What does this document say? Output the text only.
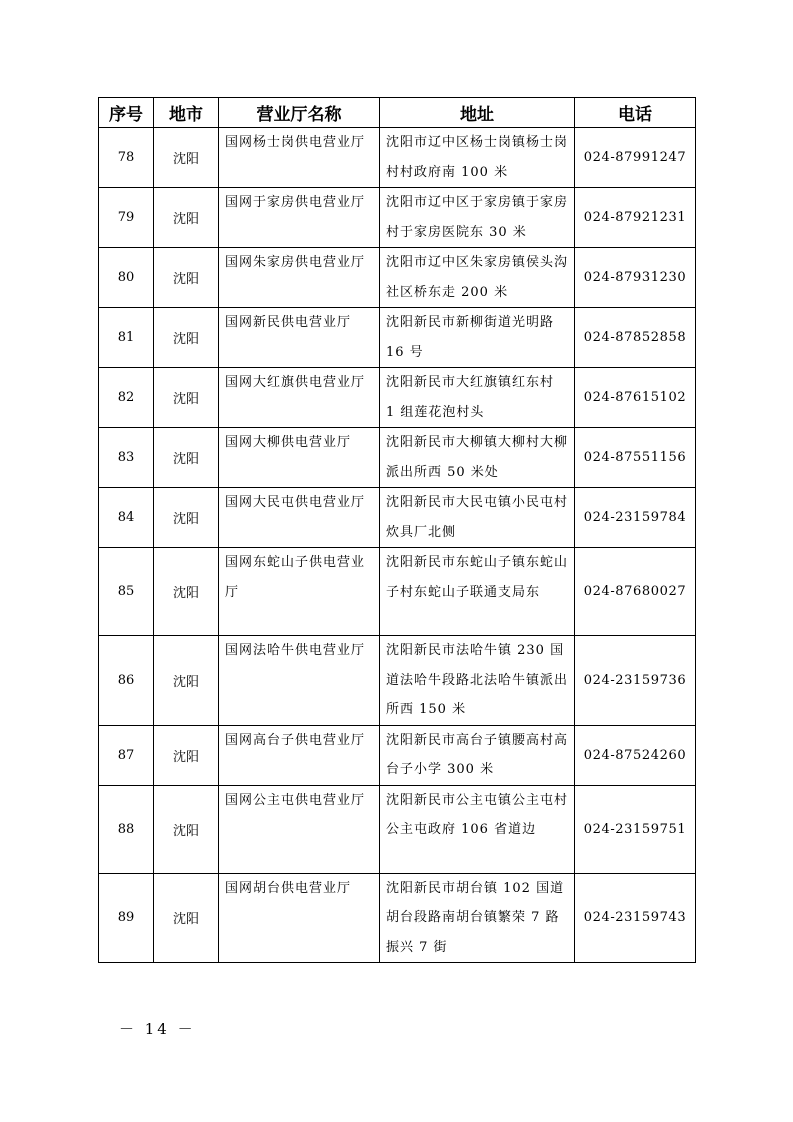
序号	地市	营业厅名称	地址	电话
78	沈阳	国网杨士岗供电营业厅	沈阳市辽中区杨士岗镇杨士岗村村政府南 100 米	024-87991247
79	沈阳	国网于家房供电营业厅	沈阳市辽中区于家房镇于家房村于家房医院东 30 米	024-87921231
80	沈阳	国网朱家房供电营业厅	沈阳市辽中区朱家房镇侯头沟社区桥东走 200 米	024-87931230
81	沈阳	国网新民供电营业厅	沈阳新民市新柳街道光明路 16 号	024-87852858
82	沈阳	国网大红旗供电营业厅	沈阳新民市大红旗镇红东村 1 组莲花泡村头	024-87615102
83	沈阳	国网大柳供电营业厅	沈阳新民市大柳镇大柳村大柳派出所西 50 米处	024-87551156
84	沈阳	国网大民屯供电营业厅	沈阳新民市大民屯镇小民屯村炊具厂北侧	024-23159784
85	沈阳	国网东蛇山子供电营业厅	沈阳新民市东蛇山子镇东蛇山子村东蛇山子联通支局东	024-87680027
86	沈阳	国网法哈牛供电营业厅	沈阳新民市法哈牛镇 230 国道法哈牛段路北法哈牛镇派出所西 150 米	024-23159736
87	沈阳	国网高台子供电营业厅	沈阳新民市高台子镇腰高村高台子小学 300 米	024-87524260
88	沈阳	国网公主屯供电营业厅	沈阳新民市公主屯镇公主屯村公主屯政府 106 省道边	024-23159751
89	沈阳	国网胡台供电营业厅	沈阳新民市胡台镇 102 国道胡台段路南胡台镇繁荣 7 路振兴 7 街	024-23159743
－ 14 －
